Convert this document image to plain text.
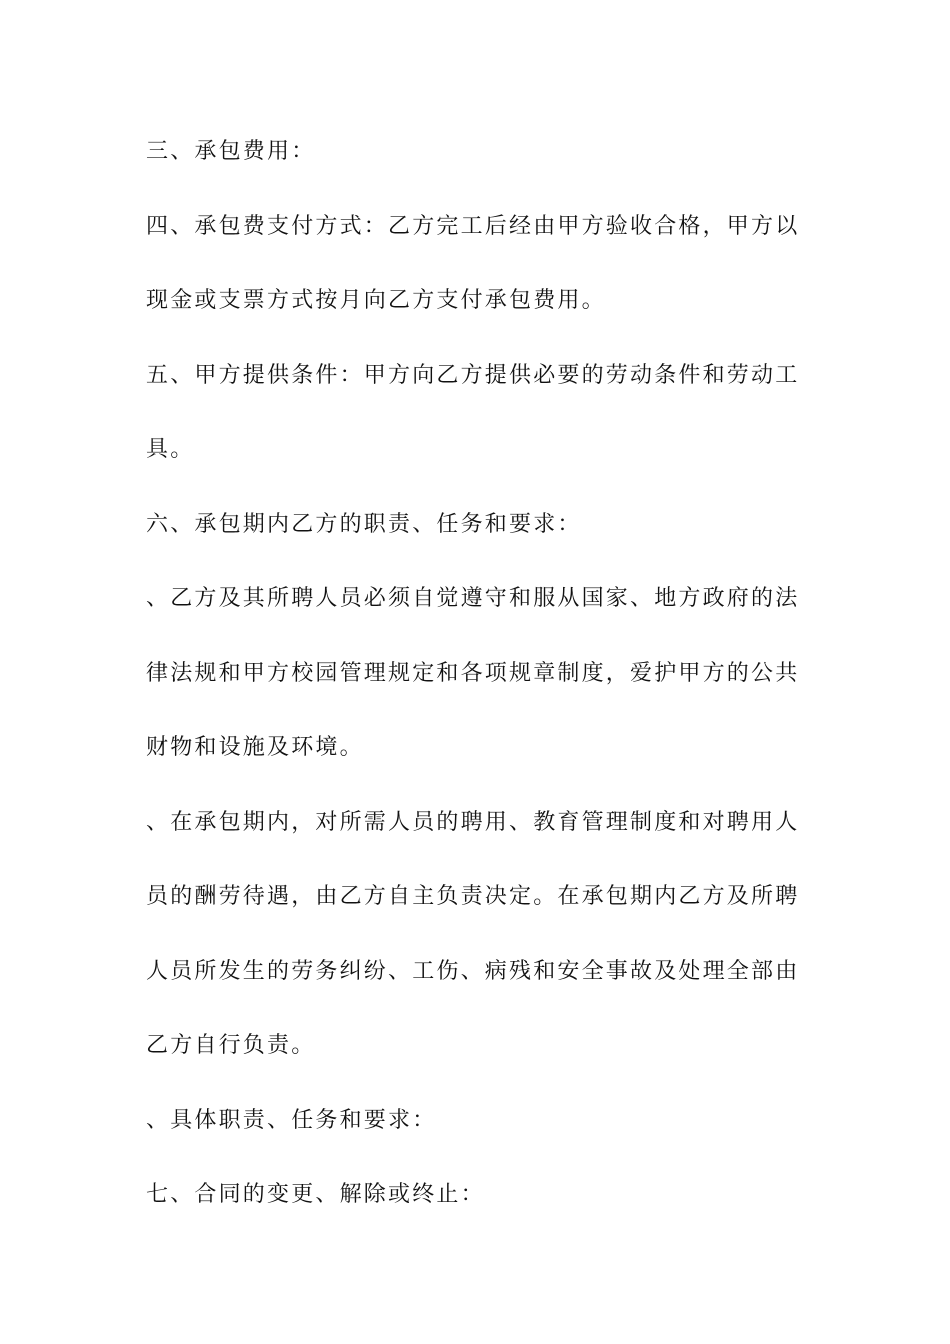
三、承包费用：
四、承包费支付方式：乙方完工后经由甲方验收合格，甲方以
现金或支票方式按月向乙方支付承包费用。
五、甲方提供条件：甲方向乙方提供必要的劳动条件和劳动工
具。
六、承包期内乙方的职责、任务和要求：
、乙方及其所聘人员必须自觉遵守和服从国家、地方政府的法
律法规和甲方校园管理规定和各项规章制度，爱护甲方的公共
财物和设施及环境。
、在承包期内，对所需人员的聘用、教育管理制度和对聘用人
员的酬劳待遇，由乙方自主负责决定。在承包期内乙方及所聘
人员所发生的劳务纠纷、工伤、病残和安全事故及处理全部由
乙方自行负责。
、具体职责、任务和要求：
七、合同的变更、解除或终止：
